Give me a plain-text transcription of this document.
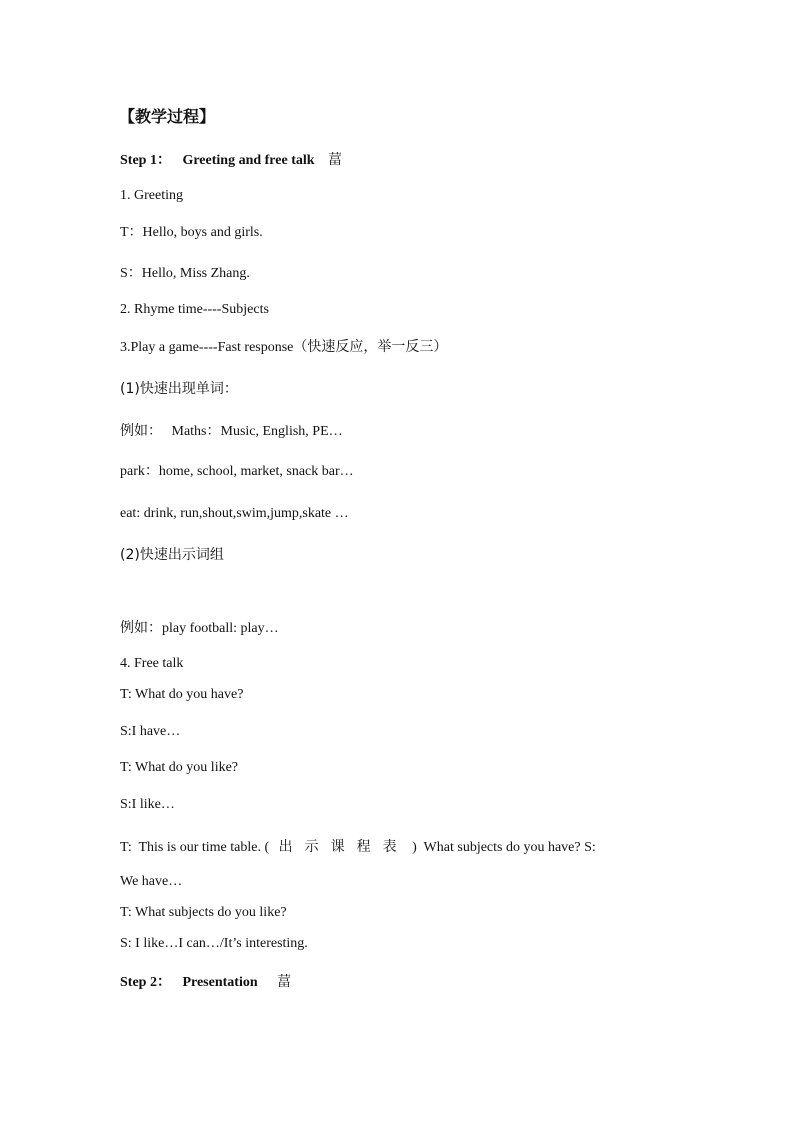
【教学过程】
Step 1： Greeting and free talk 葍
1. Greeting
T：Hello, boys and girls.
S：Hello, Miss Zhang.
2. Rhyme time----Subjects
3.Play a game----Fast response（快速反应，举一反三）
(1)快速出现单词：
例如： Maths：Music, English, PE…
park：home, school, market, snack bar…
eat: drink, run,shout,swim,jump,skate …
(2)快速出示词组
例如：play football: play…
4. Free talk
T: What do you have?
S:I have…
T: What do you like?
S:I like…
T:  This is our time table. ( 出示课程表 )  What subjects do you have? S:
We have…
T: What subjects do you like?
S: I like…I can…/It’s interesting.
Step 2： Presentation 葍
